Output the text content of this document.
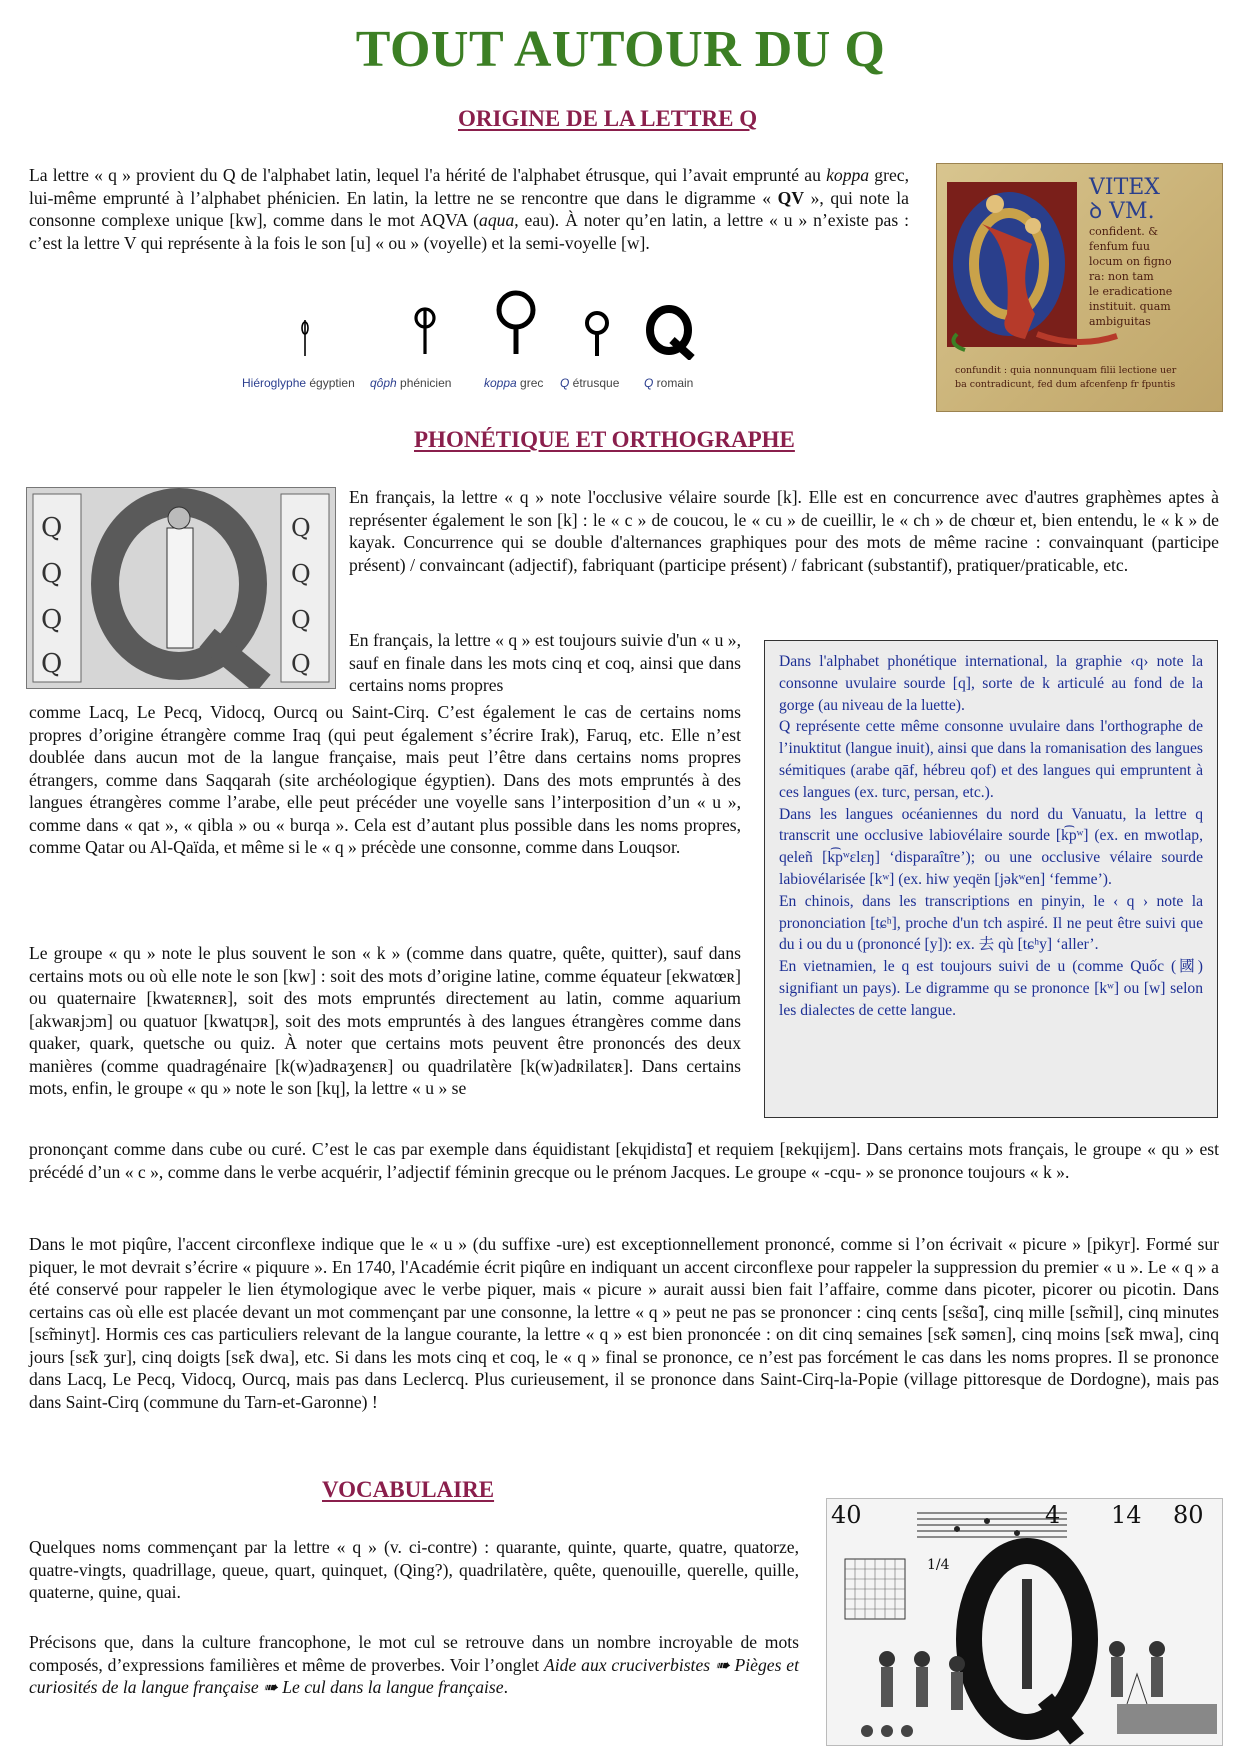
TOUT AUTOUR DU Q
ORIGINE DE LA LETTRE Q

La lettre « q » provient du Q de l'alphabet latin, lequel l'a hérité de l'alphabet étrusque, qui l’avait emprunté au koppa grec, lui-même emprunté à l’alphabet phénicien. En latin, la lettre ne se rencontre que dans le digramme « QV », qui note la consonne complexe unique [kw], comme dans le mot AQVA (aqua, eau). À noter qu’en latin, a lettre « u » n’existe pas : c’est la lettre V qui représente à la fois le son [u] « ou » (voyelle) et la semi-voyelle [w].

Hiéroglyphe égyptien qôph phénicien	koppa grec Q étrusque Q romain
VITEX
ꝺ VM.
confident. &
fenfum fuu
locum on figno
ra: non tam
le eradicatione
instituit. quam
ambiguitas
confundit : quia nonnunquam filii lectione uer
ba contradicunt, fed dum afcenfenp fr fpuntis
PHONÉTIQUE ET ORTHOGRAPHE
Q
Q
Q
Q
Q
Q
Q
Q
En français, la lettre « q » note l'occlusive vélaire sourde [k]. Elle est en concurrence avec d'autres graphèmes aptes à représenter également le son [k] : le « c » de coucou, le « cu » de cueillir, le « ch » de chœur et, bien entendu, le « k » de kayak. Concurrence qui se double d'alternances graphiques pour des mots de même racine : convainquant (participe présent) / convaincant (adjectif), fabriquant (participe présent) / fabricant (substantif), pratiquer/praticable, etc.
En français, la lettre « q » est toujours suivie d'un « u », sauf en finale dans les mots cinq et coq, ainsi que dans certains noms propres
comme Lacq, Le Pecq, Vidocq, Ourcq ou Saint-Cirq. C’est également le cas de certains noms propres d’origine étrangère comme Iraq (qui peut également s’écrire Irak), Faruq, etc. Elle n’est doublée dans aucun mot de la langue française, mais peut l’être dans certains noms propres étrangers, comme dans Saqqarah (site archéologique égyptien). Dans des mots empruntés à des langues étrangères comme l’arabe, elle peut précéder une voyelle sans l’interposition d’un « u », comme dans « qat », « qibla » ou « burqa ». Cela est d’autant plus possible dans les noms propres, comme Qatar ou Al-Qaïda, et même si le « q » précède une consonne, comme dans Louqsor.
Le groupe « qu » note le plus souvent le son « k » (comme dans quatre, quête, quitter), sauf dans certains mots ou où elle note le son [kw] : soit des mots d’origine latine, comme équateur [ekwatœʀ] ou quaternaire [kwatɛʀnɛʀ], soit des mots empruntés directement au latin, comme aquarium [akwaʀjɔm] ou quatuor [kwatɥɔʀ], soit des mots empruntés à des langues étrangères comme dans quaker, quark, quetsche ou quiz. À noter que certains mots peuvent être prononcés des deux manières (comme quadragénaire [k(w)adʀaʒenɛʀ] ou quadrilatère [k(w)adʀilatɛʀ]. Dans certains mots, enfin, le groupe « qu » note le son [kɥ], la lettre « u » se
prononçant comme dans cube ou curé. C’est le cas par exemple dans équidistant [ekɥidistɑ̃] et requiem [ʀekɥijɛm]. Dans certains mots français, le groupe « qu » est précédé d’un « c », comme dans le verbe acquérir, l’adjectif féminin grecque ou le prénom Jacques. Le groupe « -cqu- » se prononce toujours « k ».
Dans le mot piqûre, l'accent circonflexe indique que le « u » (du suffixe -ure) est exceptionnellement prononcé, comme si l’on écrivait « picure » [pikyr]. Formé sur piquer, le mot devrait s’écrire « piquure ». En 1740, l'Académie écrit piqûre en indiquant un accent circonflexe pour rappeler la suppression du premier « u ». Le « q » a été conservé pour rappeler le lien étymologique avec le verbe piquer, mais « picure » aurait aussi bien fait l’affaire, comme dans picoter, picorer ou picotin. Dans certains cas où elle est placée devant un mot commençant par une consonne, la lettre « q » peut ne pas se prononcer : cinq cents [sɛ̃sɑ̃], cinq mille [sɛ̃mil], cinq minutes [sɛ̃minyt]. Hormis ces cas particuliers relevant de la langue courante, la lettre « q » est bien prononcée : on dit cinq semaines [sɛ̃k səmɛn], cinq moins [sɛ̃k mwa], cinq jours [sɛ̃k ʒur], cinq doigts [sɛ̃k dwa], etc. Si dans les mots cinq et coq, le « q » final se prononce, ce n’est pas forcément le cas dans les noms propres. Il se prononce dans Lacq, Le Pecq, Vidocq, Ourcq, mais pas dans Leclercq. Plus curieusement, il se prononce dans Saint-Cirq-la-Popie (village pittoresque de Dordogne), mais pas dans Saint-Cirq (commune du Tarn-et-Garonne) !

Dans l'alphabet phonétique international, la graphie ‹q› note la consonne uvulaire sourde [q], sorte de k articulé au fond de la gorge (au niveau de la luette).

Q représente cette même consonne uvulaire dans l'orthographe de l’inuktitut (langue inuit), ainsi que dans la romanisation des langues sémitiques (arabe qāf, hébreu qof) et des langues qui empruntent à ces langues (ex. turc, persan, etc.).

Dans les langues océaniennes du nord du Vanuatu, la lettre q transcrit une occlusive labiovélaire sourde [k͡pʷ] (ex. en mwotlap, qeleñ [k͡pʷɛlɛŋ] ‘disparaître’); ou une occlusive vélaire sourde labiovélarisée [kʷ] (ex. hiw yeqën [jəkʷen] ‘femme’).

En chinois, dans les transcriptions en pinyin, le ‹ q › note la prononciation [tɕʰ], proche d'un tch aspiré. Il ne peut être suivi que du i ou du u (prononcé [y]): ex. 去 qù [tɕʰy] ‘aller’.

En vietnamien, le q est toujours suivi de u (comme Quốc (國) signifiant un pays). Le digramme qu se prononce [kʷ] ou [w] selon les dialectes de cette langue.

VOCABULAIRE
Quelques noms commençant par la lettre « q » (v. ci-contre) : quarante, quinte, quarte, quatre, quatorze, quatre-vingts, quadrillage, queue, quart, quinquet, (Qing?), quadrilatère, quête, quenouille, querelle, quille, quaterne, quine, quai.

Précisons que, dans la culture francophone, le mot cul se retrouve dans un nombre incroyable de mots composés, d’expressions familières et même de proverbes. Voir l’onglet Aide aux cruciverbistes ➠ Pièges et curiosités de la langue française ➠ Le cul dans la langue française.

40	4 14 80
1/4
